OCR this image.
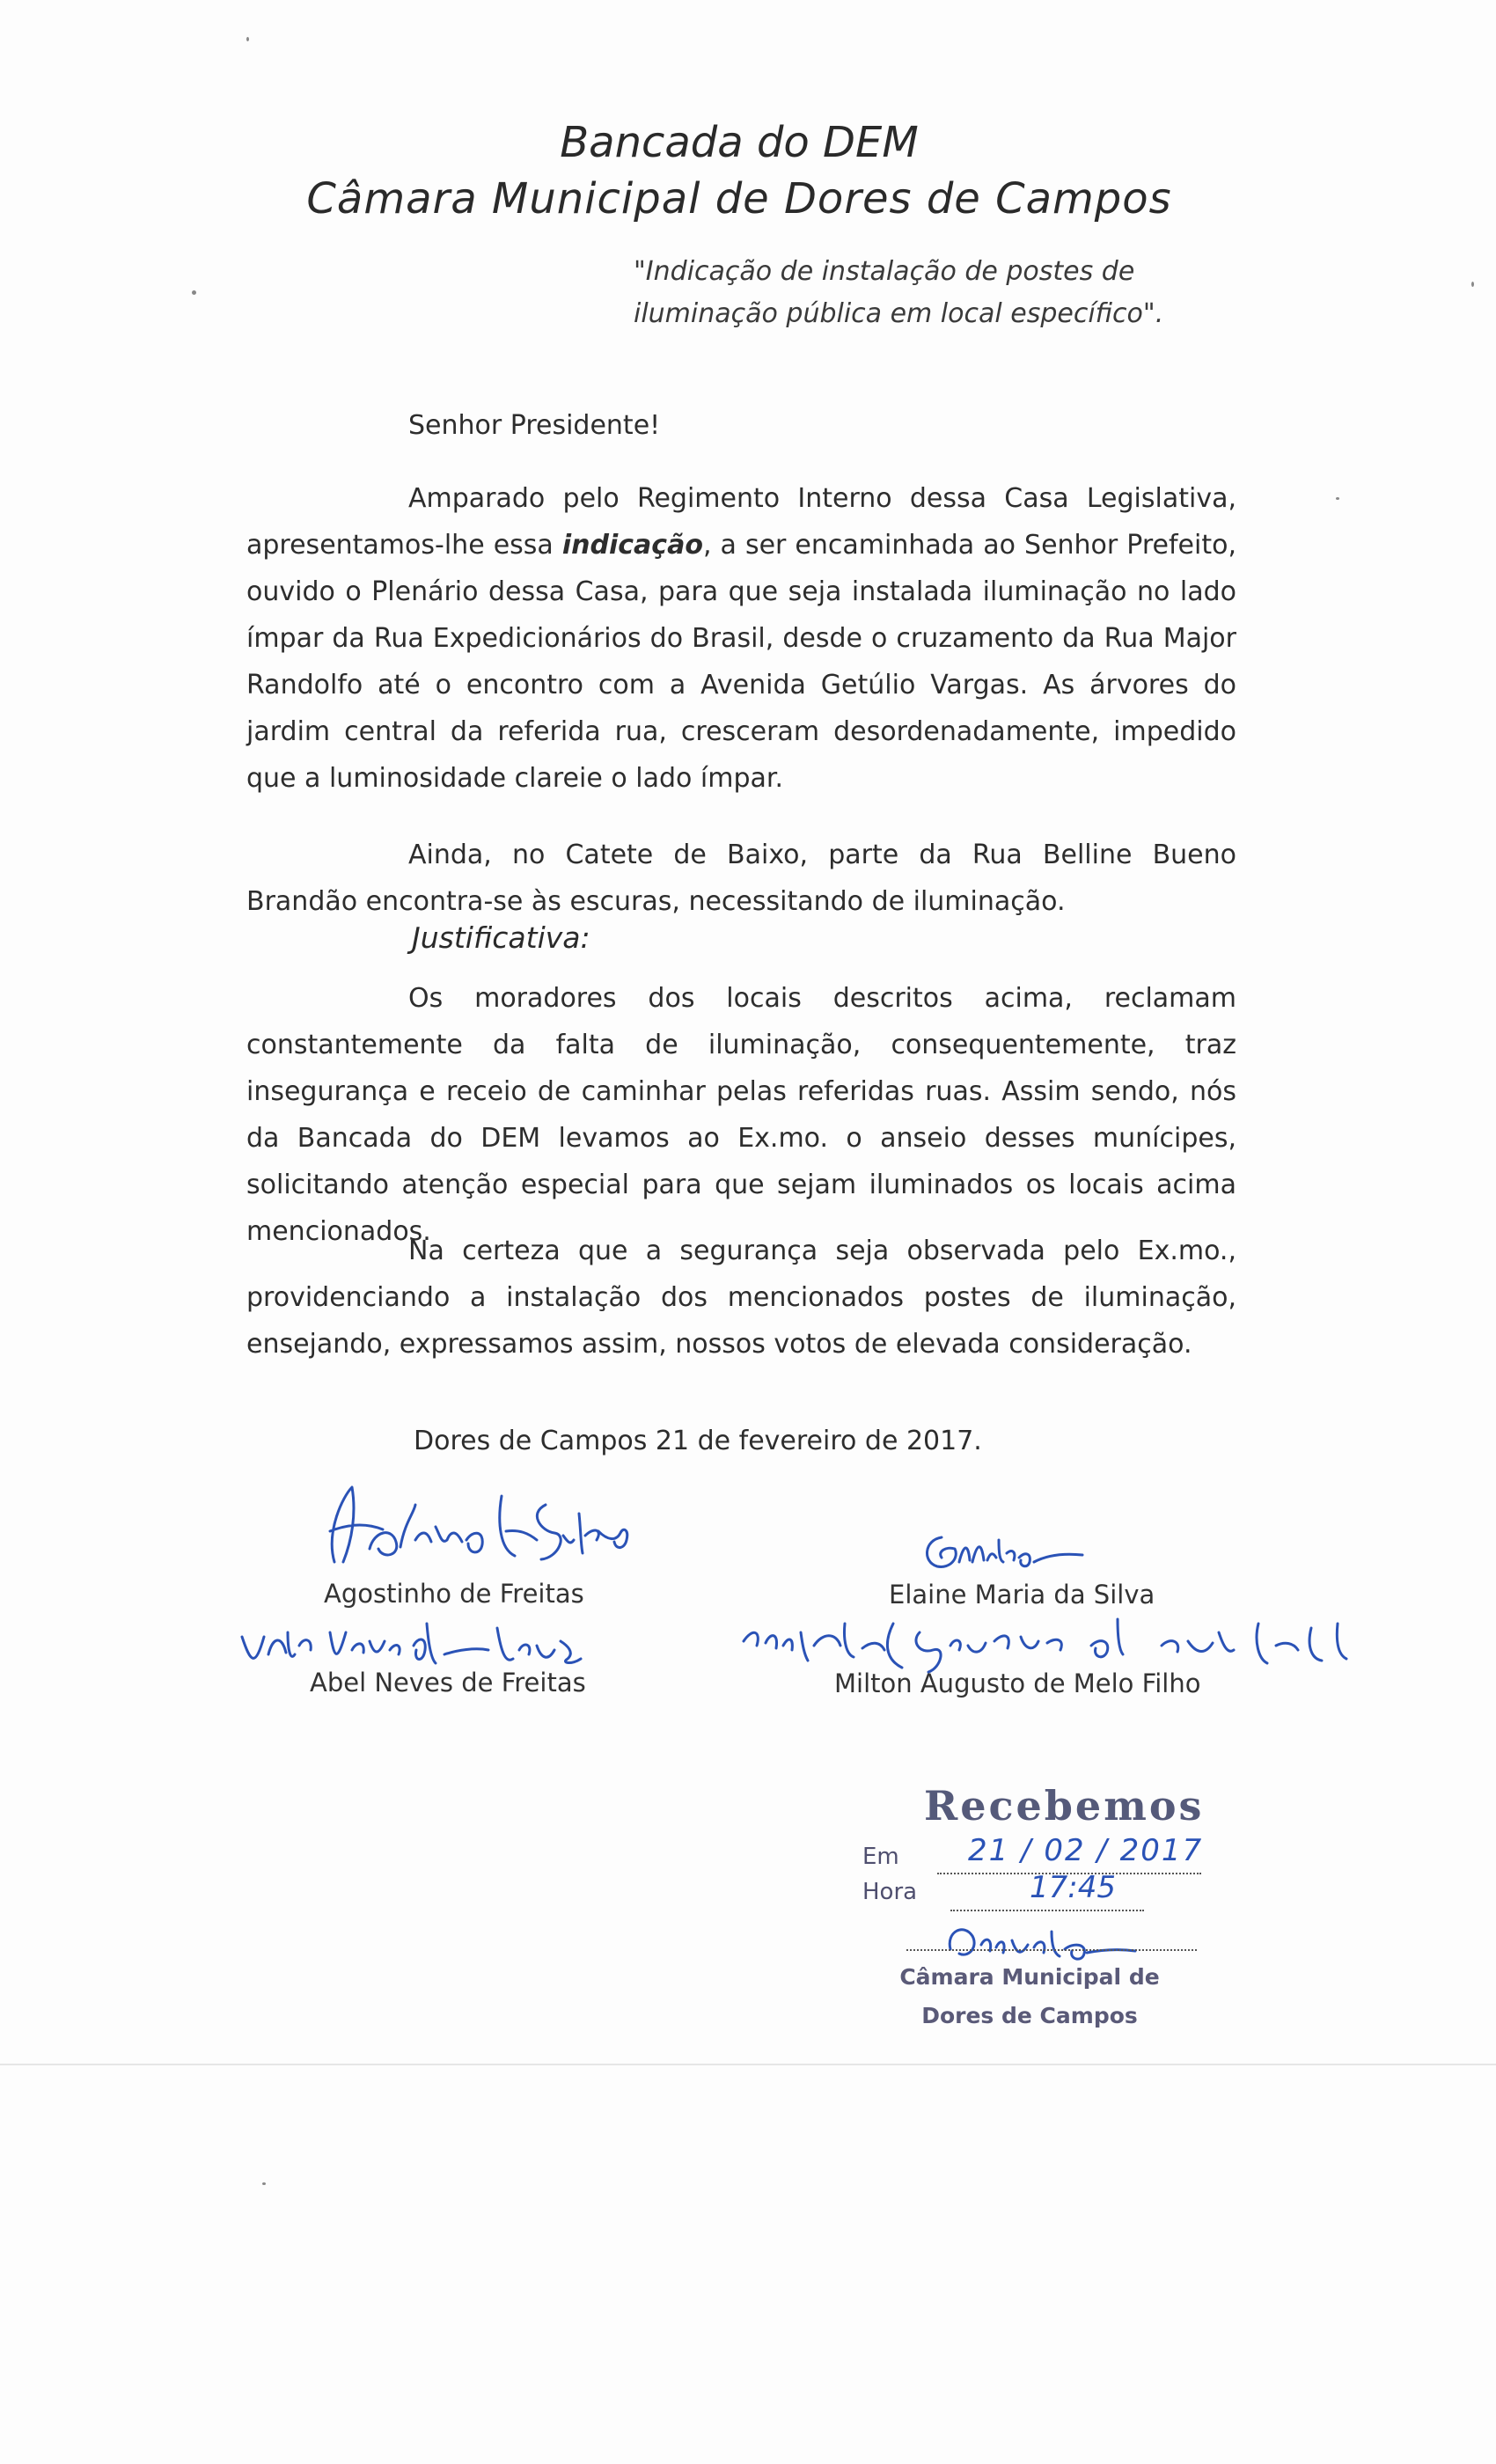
Bancada do DEM
Câmara Municipal de Dores de Campos
"Indicação de instalação de postes de
iluminação pública em local específico".
Senhor Presidente!

Amparado pelo Regimento Interno dessa Casa Legislativa, apresentamos-lhe essa indicação, a ser encaminhada ao Senhor Prefeito, ouvido o Plenário dessa Casa, para que seja instalada iluminação no lado ímpar da Rua Expedicionários do Brasil, desde o cruzamento da Rua Major Randolfo até o encontro com a Avenida Getúlio Vargas. As árvores do jardim central da referida rua, cresceram desordenadamente, impedido que a luminosidade clareie o lado ímpar.

Ainda, no Catete de Baixo, parte da Rua Belline Bueno Brandão encontra-se às escuras, necessitando de iluminação.

Justificativa:

Os moradores dos locais descritos acima, reclamam constantemente da falta de iluminação, consequentemente, traz insegurança e receio de caminhar pelas referidas ruas. Assim sendo, nós da Bancada do DEM levamos ao Ex.mo. o anseio desses munícipes, solicitando atenção especial para que sejam iluminados os locais acima mencionados.

Na certeza que a segurança seja observada pelo Ex.mo., providenciando a instalação dos mencionados postes de iluminação, ensejando, expressamos assim, nossos votos de elevada consideração.

Dores de Campos 21 de fevereiro de 2017.
Agostinho de Freitas	Elaine Maria da Silva
Abel Neves de Freitas	Milton Augusto de Melo Filho
Recebemos
Em 21 / 02 / 2017
Hora	17:45
Câmara Municipal de
Dores de Campos
